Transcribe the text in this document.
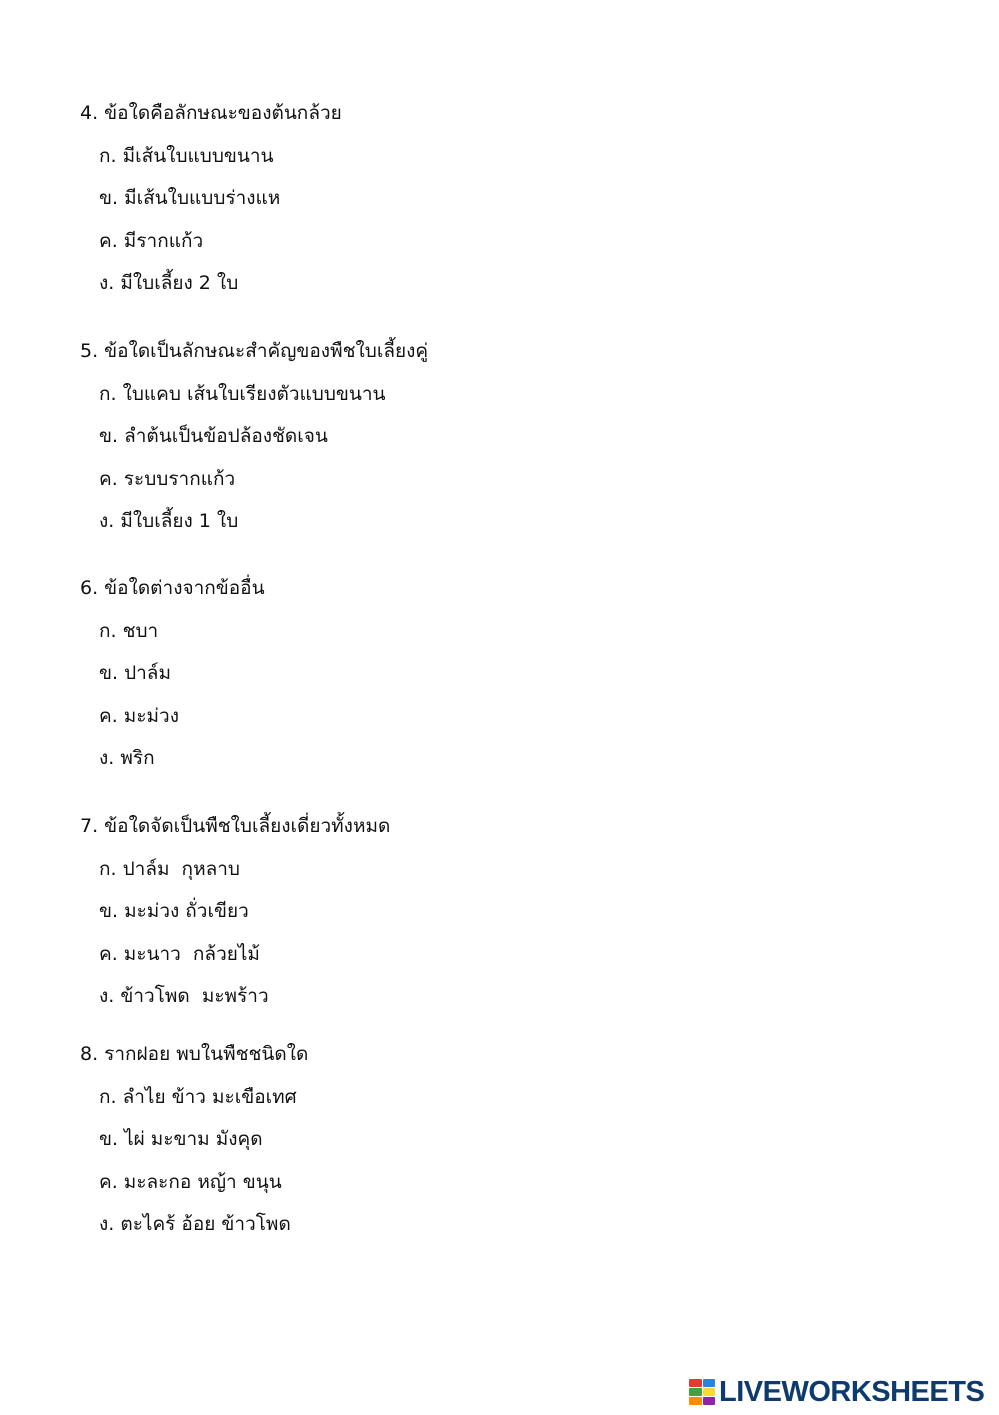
4. ข้อใดคือลักษณะของต้นกล้วย
ก. มีเส้นใบแบบขนาน
ข. มีเส้นใบแบบร่างแห
ค. มีรากแก้ว
ง. มีใบเลี้ยง 2 ใบ
5. ข้อใดเป็นลักษณะสำคัญของพืชใบเลี้ยงคู่
ก. ใบแคบ เส้นใบเรียงตัวแบบขนาน
ข. ลำต้นเป็นข้อปล้องชัดเจน
ค. ระบบรากแก้ว
ง. มีใบเลี้ยง 1 ใบ
6. ข้อใดต่างจากข้ออื่น
ก. ชบา
ข. ปาล์ม
ค. มะม่วง
ง. พริก
7. ข้อใดจัดเป็นพืชใบเลี้ยงเดี่ยวทั้งหมด
ก. ปาล์ม  กุหลาบ
ข. มะม่วง ถั่วเขียว
ค. มะนาว  กล้วยไม้
ง. ข้าวโพด  มะพร้าว
8. รากฝอย พบในพืชชนิดใด
ก. ลำไย ข้าว มะเขือเทศ
ข. ไผ่ มะขาม มังคุด
ค. มะละกอ หญ้า ขนุน
ง. ตะไคร้ อ้อย ข้าวโพด
LIVEWORKSHEETS
